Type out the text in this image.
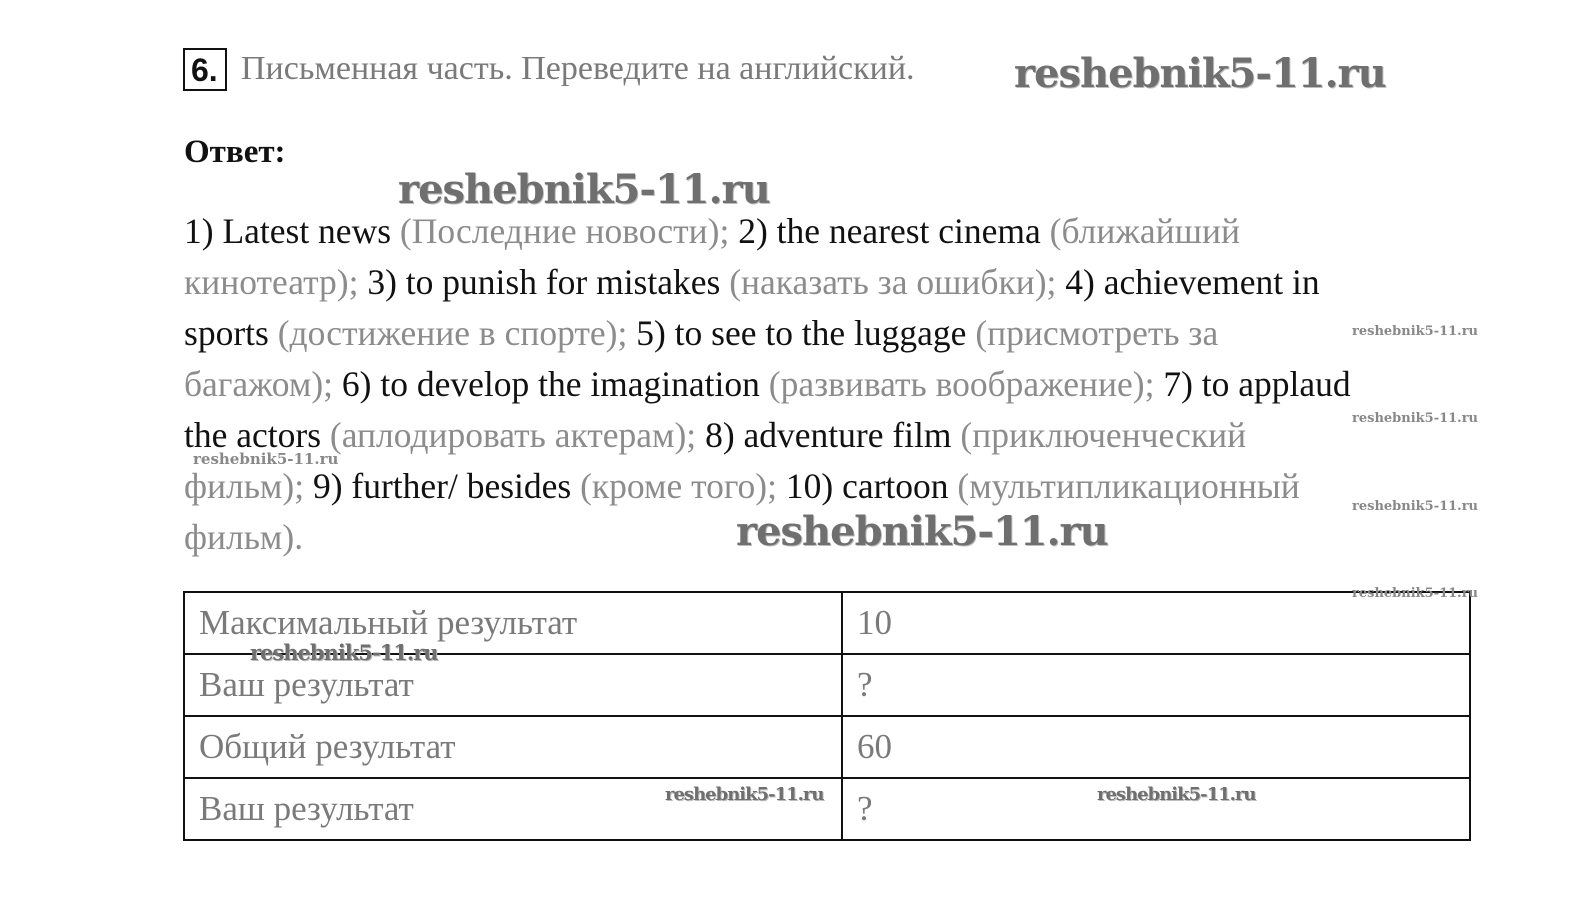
6. Письменная часть. Переведите на английский.
Ответ:
1) Latest news (Последние новости); 2) the nearest cinema (ближайший
кинотеатр); 3) to punish for mistakes (наказать за ошибки); 4) achievement in
sports (достижение в спорте); 5) to see to the luggage (присмотреть за
багажом); 6) to develop the imagination (развивать воображение); 7) to applaud
the actors (аплодировать актерам); 8) adventure film (приключенческий
фильм); 9) further/ besides (кроме того); 10) cartoon (мультипликационный
фильм).
Максимальный результат	10
Ваш результат	?
Общий результат	60
Ваш результат	?
reshebnik5-11.ru
reshebnik5-11.ru
reshebnik5-11.ru
reshebnik5-11.ru
reshebnik5-11.ru	reshebnik5-11.ru
reshebnik5-11.ru
reshebnik5-11.ru
reshebnik5-11.ru
reshebnik5-11.ru
reshebnik5-11.ru
